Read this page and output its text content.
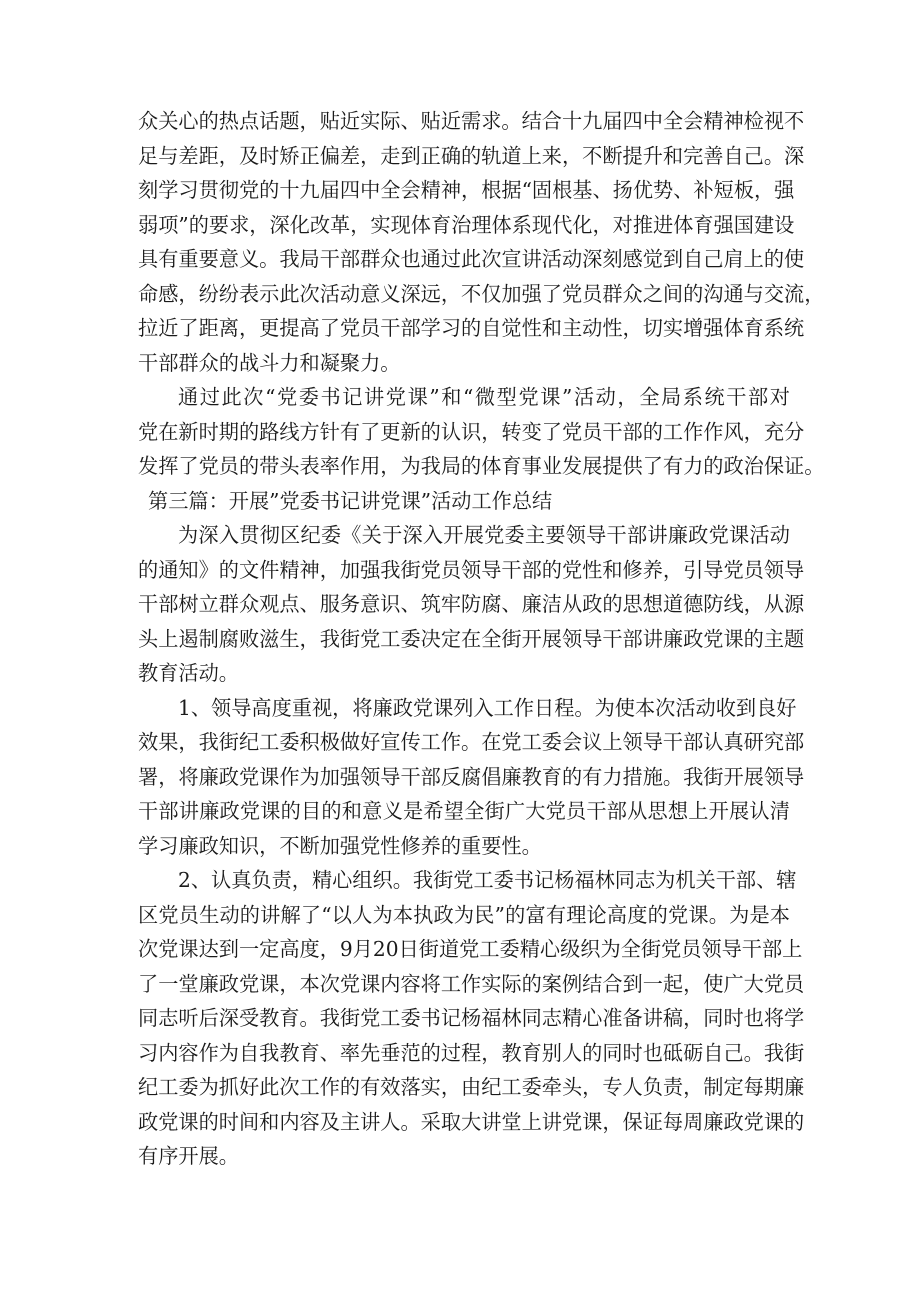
众关心的热点话题，贴近实际、贴近需求。结合十九届四中全会精神检视不
足与差距，及时矫正偏差，走到正确的轨道上来，不断提升和完善自己。深
刻学习贯彻党的十九届四中全会精神，根据“固根基、扬优势、补短板，强
弱项”的要求，深化改革，实现体育治理体系现代化，对推进体育强国建设
具有重要意义。我局干部群众也通过此次宣讲活动深刻感觉到自己肩上的使
命感，纷纷表示此次活动意义深远，不仅加强了党员群众之间的沟通与交流，
拉近了距离，更提高了党员干部学习的自觉性和主动性，切实增强体育系统
干部群众的战斗力和凝聚力。
通过此次“党委书记讲党课”和“微型党课”活动，全局系统干部对
党在新时期的路线方针有了更新的认识，转变了党员干部的工作作风，充分
发挥了党员的带头表率作用，为我局的体育事业发展提供了有力的政治保证。
第三篇：开展”党委书记讲党课”活动工作总结
为深入贯彻区纪委《关于深入开展党委主要领导干部讲廉政党课活动
的通知》的文件精神，加强我街党员领导干部的党性和修养，引导党员领导
干部树立群众观点、服务意识、筑牢防腐、廉洁从政的思想道德防线，从源
头上遏制腐败滋生，我街党工委决定在全街开展领导干部讲廉政党课的主题
教育活动。
1、领导高度重视，将廉政党课列入工作日程。为使本次活动收到良好
效果，我街纪工委积极做好宣传工作。在党工委会议上领导干部认真研究部
署，将廉政党课作为加强领导干部反腐倡廉教育的有力措施。我街开展领导
干部讲廉政党课的目的和意义是希望全街广大党员干部从思想上开展认清
学习廉政知识，不断加强党性修养的重要性。
2、认真负责，精心组织。我街党工委书记杨福林同志为机关干部、辖
区党员生动的讲解了“以人为本执政为民”的富有理论高度的党课。为是本
次党课达到一定高度，9月20日街道党工委精心级织为全街党员领导干部上
了一堂廉政党课，本次党课内容将工作实际的案例结合到一起，使广大党员
同志听后深受教育。我街党工委书记杨福林同志精心准备讲稿，同时也将学
习内容作为自我教育、率先垂范的过程，教育别人的同时也砥砺自己。我街
纪工委为抓好此次工作的有效落实，由纪工委牵头，专人负责，制定每期廉
政党课的时间和内容及主讲人。采取大讲堂上讲党课，保证每周廉政党课的
有序开展。
